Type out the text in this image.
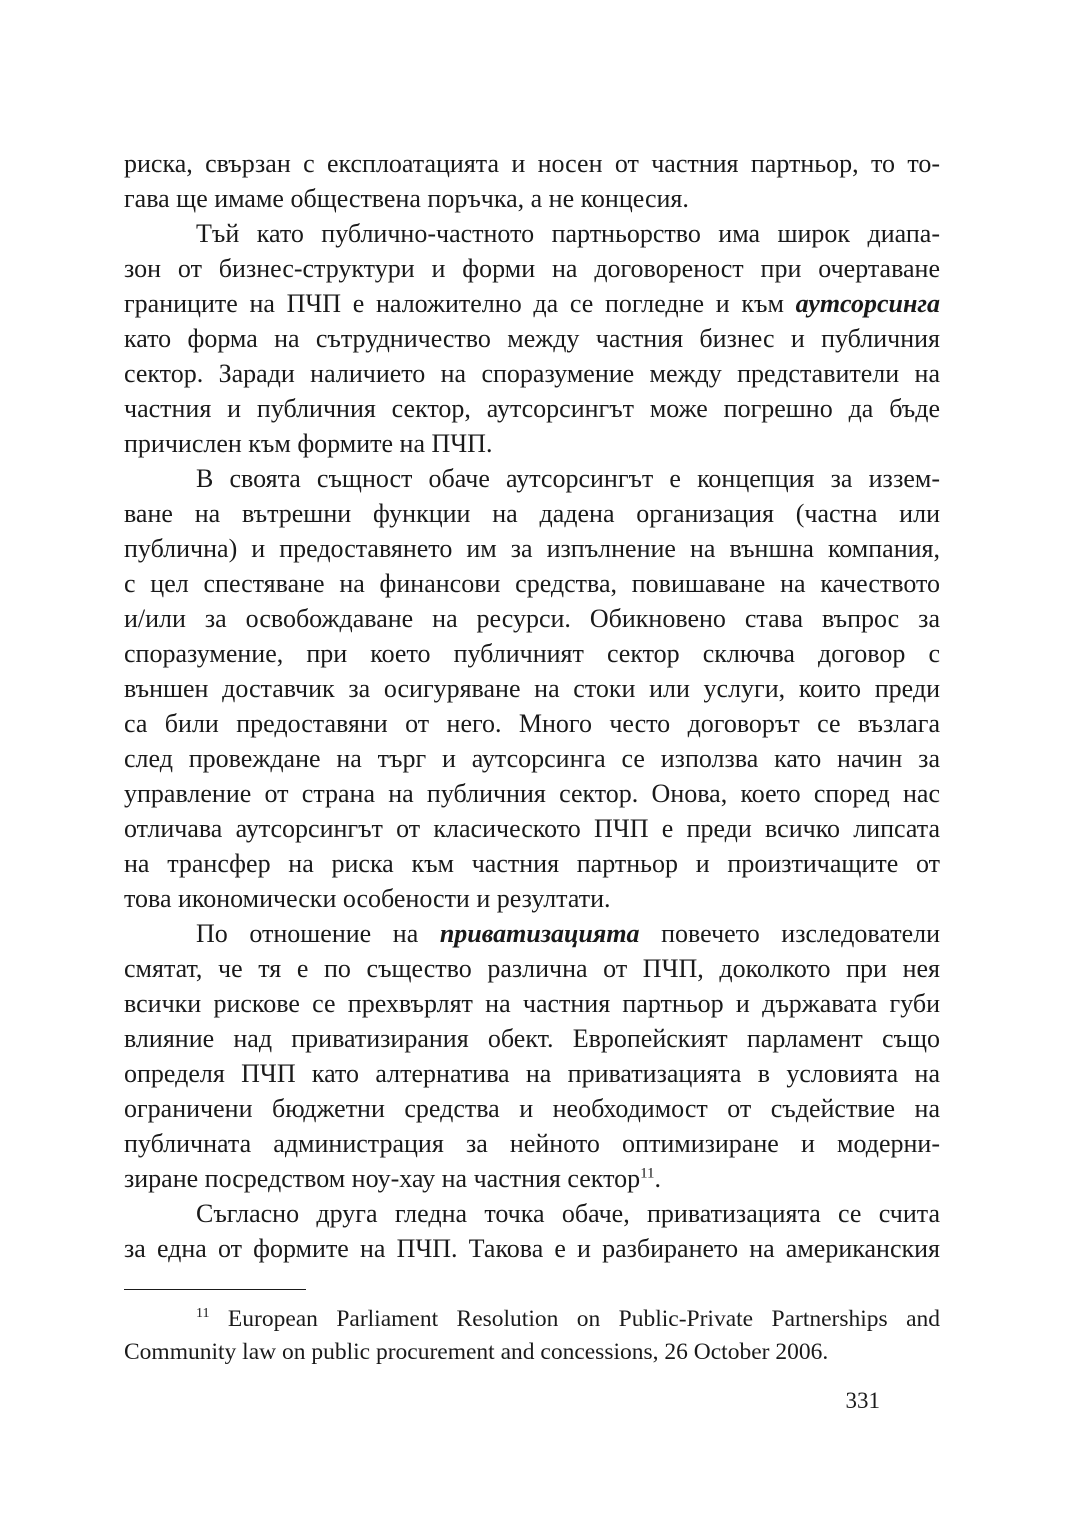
риска, свързан с експлоатацията и носен от частния партньор, то то-
гава ще имаме обществена поръчка, а не концесия.
Тъй като публично-частното партньорство има широк диапа-
зон от бизнес-структури и форми на договореност при очертаване
границите на ПЧП е наложително да се погледне и към аутсорсинга
като форма на сътрудничество между частния бизнес и публичния
сектор. Заради наличието на споразумение между представители на
частния и публичния сектор, аутсорсингът може погрешно да бъде
причислен към формите на ПЧП.
В своята същност обаче аутсорсингът е концепция за иззем-
ване на вътрешни функции на дадена организация (частна или
публична) и предоставянето им за изпълнение на външна компания,
с цел спестяване на финансови средства, повишаване на качеството
и/или за освобождаване на ресурси. Обикновено става въпрос за
споразумение, при което публичният сектор сключва договор с
външен доставчик за осигуряване на стоки или услуги, които преди
са били предоставяни от него. Много често договорът се възлага
след провеждане на търг и аутсорсинга се използва като начин за
управление от страна на публичния сектор. Онова, което според нас
отличава аутсорсингът от класическото ПЧП е преди всичко липсата
на трансфер на риска към частния партньор и произтичащите от
това икономически особености и резултати.
По отношение на приватизацията повечето изследователи
смятат, че тя е по същество различна от ПЧП, доколкото при нея
всички рискове се прехвърлят на частния партньор и държавата губи
влияние над приватизирания обект. Европейският парламент също
определя ПЧП като алтернатива на приватизацията в условията на
ограничени бюджетни средства и необходимост от съдействие на
публичната администрация за нейното оптимизиране и модерни-
зиране посредством ноу-хау на частния сектор$^{11}$.
Съгласно друга гледна точка обаче, приватизацията се счита
за една от формите на ПЧП. Такова е и разбирането на американския
$^{11}$ European Parliament Resolution on Public-Private Partnerships and
Community law on public procurement and concessions, 26 October 2006.
331
